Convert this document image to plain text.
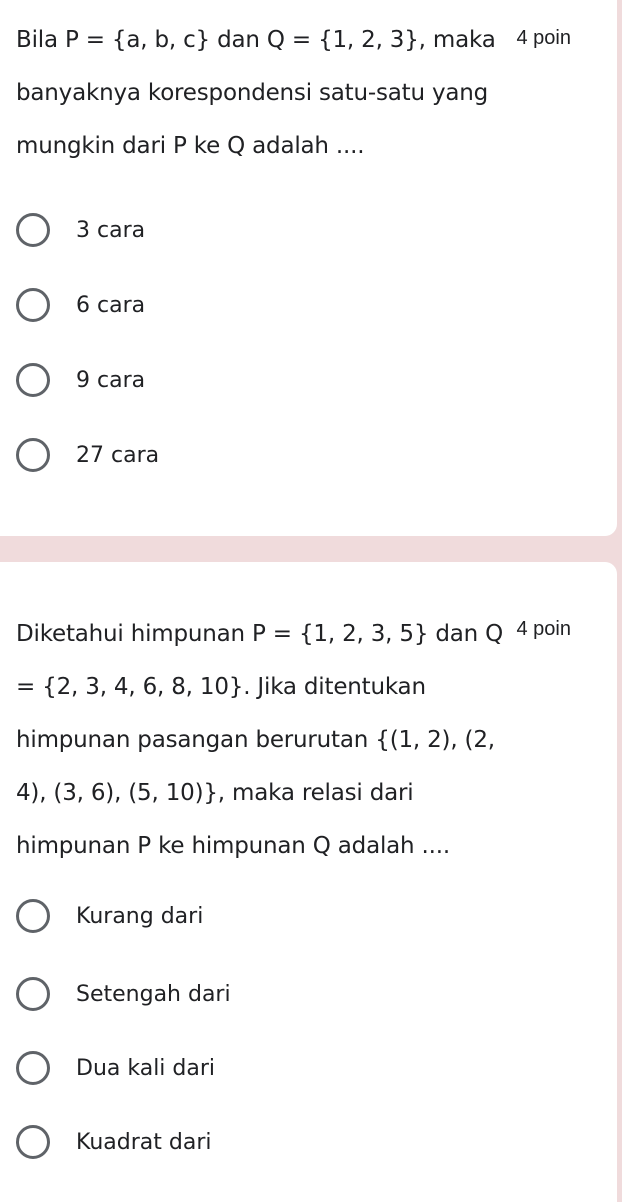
Bila P = {a, b, c} dan Q = {1, 2, 3}, maka banyaknya korespondensi satu-satu yang mungkin dari P ke Q adalah ....
4 poin
3 cara
6 cara
9 cara
27 cara
Diketahui himpunan P = {1, 2, 3, 5} dan Q = {2, 3, 4, 6, 8, 10}. Jika ditentukan himpunan pasangan berurutan {(1, 2), (2, 4), (3, 6), (5, 10)}, maka relasi dari himpunan P ke himpunan Q adalah ....
4 poin
Kurang dari
Setengah dari
Dua kali dari
Kuadrat dari
